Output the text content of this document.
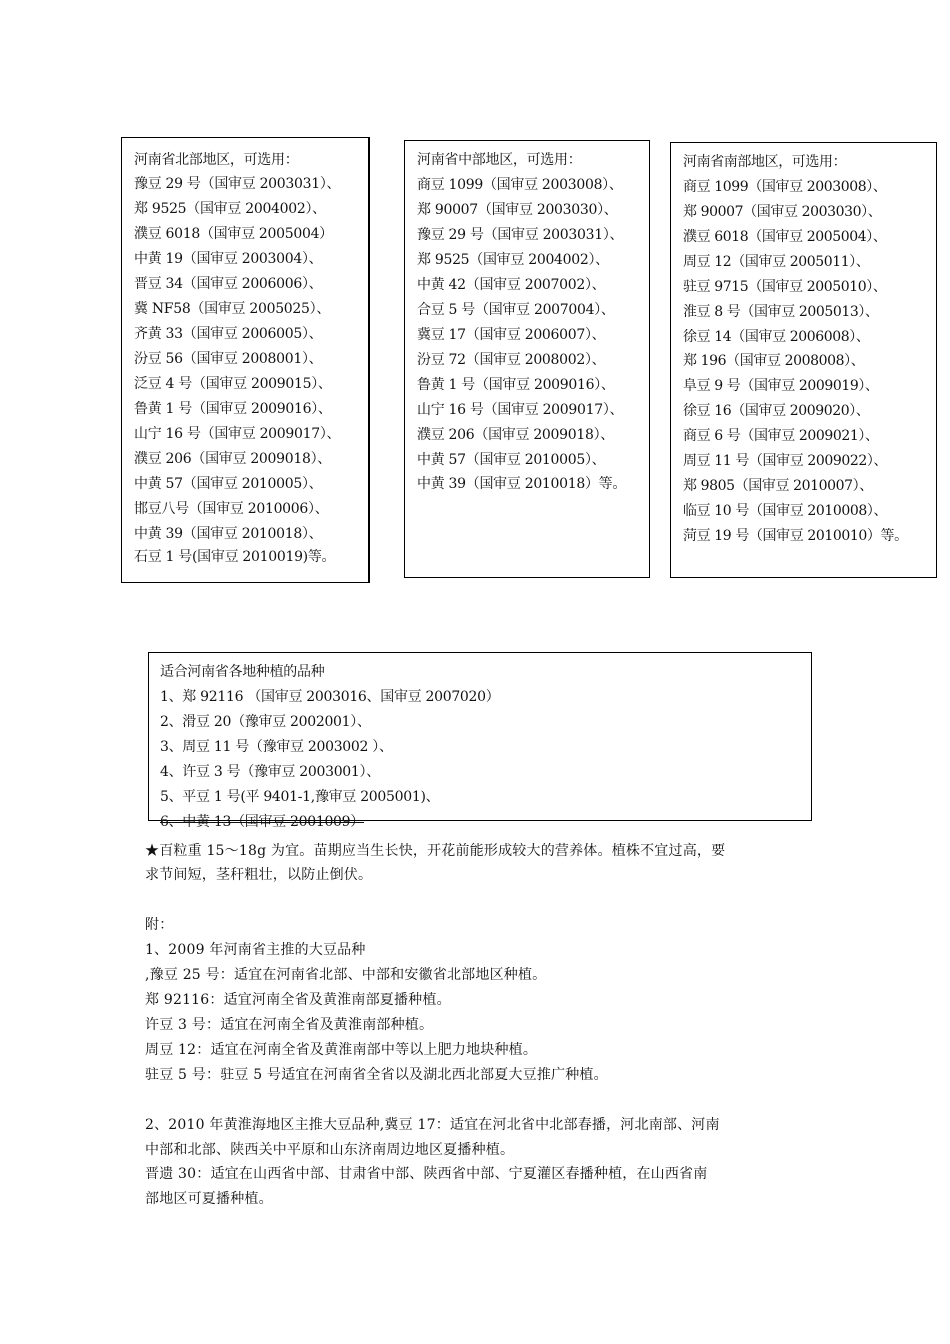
河南省北部地区，可选用：
豫豆 29 号（国审豆 2003031）、
郑 9525（国审豆 2004002）、
濮豆 6018（国审豆 2005004）
中黄 19（国审豆 2003004）、
晋豆 34（国审豆 2006006）、
冀 NF58（国审豆 2005025）、
齐黄 33（国审豆 2006005）、
汾豆 56（国审豆 2008001）、
泛豆 4 号（国审豆 2009015）、
鲁黄 1 号（国审豆 2009016）、
山宁 16 号（国审豆 2009017）、
濮豆 206（国审豆 2009018）、
中黄 57（国审豆 2010005）、
邯豆八号（国审豆 2010006）、
中黄 39（国审豆 2010018）、
石豆 1 号(国审豆 2010019)等。
河南省中部地区，可选用：
商豆 1099（国审豆 2003008）、
郑 90007（国审豆 2003030）、
豫豆 29 号（国审豆 2003031）、
郑 9525（国审豆 2004002）、
中黄 42（国审豆 2007002）、
合豆 5 号（国审豆 2007004）、
冀豆 17（国审豆 2006007）、
汾豆 72（国审豆 2008002）、
鲁黄 1 号（国审豆 2009016）、
山宁 16 号（国审豆 2009017）、
濮豆 206（国审豆 2009018）、
中黄 57（国审豆 2010005）、
中黄 39（国审豆 2010018）等。
河南省南部地区，可选用：
商豆 1099（国审豆 2003008）、
郑 90007（国审豆 2003030）、
濮豆 6018（国审豆 2005004）、
周豆 12（国审豆 2005011）、
驻豆 9715（国审豆 2005010）、
淮豆 8 号（国审豆 2005013）、
徐豆 14（国审豆 2006008）、
郑 196（国审豆 2008008）、
阜豆 9 号（国审豆 2009019）、
徐豆 16（国审豆 2009020）、
商豆 6 号（国审豆 2009021）、
周豆 11 号（国审豆 2009022）、
郑 9805（国审豆 2010007）、
临豆 10 号（国审豆 2010008）、
菏豆 19 号（国审豆 2010010）等。
适合河南省各地种植的品种
1、郑 92116 （国审豆 2003016、国审豆 2007020）
2、滑豆 20（豫审豆 2002001）、
3、周豆 11 号（豫审豆 2003002 ）、
4、许豆 3 号（豫审豆 2003001）、
5、平豆 1 号(平 9401-1,豫审豆 2005001)、
6、中黄 13（国审豆 2001009）
★百粒重 15～18g 为宜。苗期应当生长快，开花前能形成较大的营养体。植株不宜过高，要
求节间短，茎秆粗壮，以防止倒伏。
附：
1、2009 年河南省主推的大豆品种
,豫豆 25 号：适宜在河南省北部、中部和安徽省北部地区种植。
郑 92116：适宜河南全省及黄淮南部夏播种植。
许豆 3 号：适宜在河南全省及黄淮南部种植。
周豆 12：适宜在河南全省及黄淮南部中等以上肥力地块种植。
驻豆 5 号：驻豆 5 号适宜在河南省全省以及湖北西北部夏大豆推广种植。
2、2010 年黄淮海地区主推大豆品种,冀豆 17：适宜在河北省中北部春播，河北南部、河南
中部和北部、陕西关中平原和山东济南周边地区夏播种植。
晋遗 30：适宜在山西省中部、甘肃省中部、陕西省中部、宁夏灌区春播种植，在山西省南
部地区可夏播种植。
